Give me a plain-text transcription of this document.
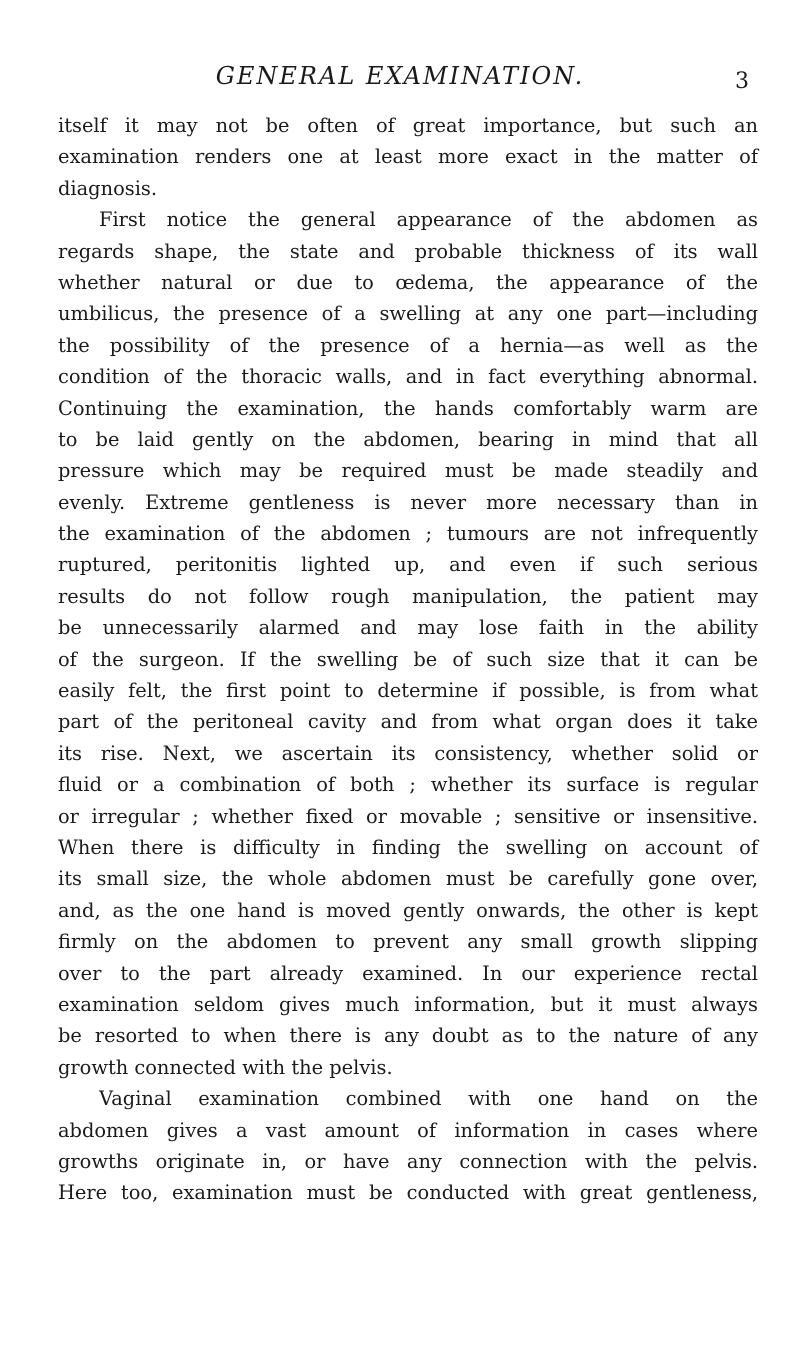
GENERAL EXAMINATION.	3
itself it may not be often of great importance, but such an
examination renders one at least more exact in the matter of
diagnosis.
First notice the general appearance of the abdomen as
regards shape, the state and probable thickness of its wall
whether natural or due to œdema, the appearance of the
umbilicus, the presence of a swelling at any one part—including
the possibility of the presence of a hernia—as well as the
condition of the thoracic walls, and in fact everything abnormal.
Continuing the examination, the hands comfortably warm are
to be laid gently on the abdomen, bearing in mind that all
pressure which may be required must be made steadily and
evenly. Extreme gentleness is never more necessary than in
the examination of the abdomen ; tumours are not infrequently
ruptured, peritonitis lighted up, and even if such serious
results do not follow rough manipulation, the patient may
be unnecessarily alarmed and may lose faith in the ability
of the surgeon. If the swelling be of such size that it can be
easily felt, the first point to determine if possible, is from what
part of the peritoneal cavity and from what organ does it take
its rise. Next, we ascertain its consistency, whether solid or
fluid or a combination of both ; whether its surface is regular
or irregular ; whether fixed or movable ; sensitive or insensitive.
When there is difficulty in finding the swelling on account of
its small size, the whole abdomen must be carefully gone over,
and, as the one hand is moved gently onwards, the other is kept
firmly on the abdomen to prevent any small growth slipping
over to the part already examined. In our experience rectal
examination seldom gives much information, but it must always
be resorted to when there is any doubt as to the nature of any
growth connected with the pelvis.
Vaginal examination combined with one hand on the
abdomen gives a vast amount of information in cases where
growths originate in, or have any connection with the pelvis.
Here too, examination must be conducted with great gentleness,
